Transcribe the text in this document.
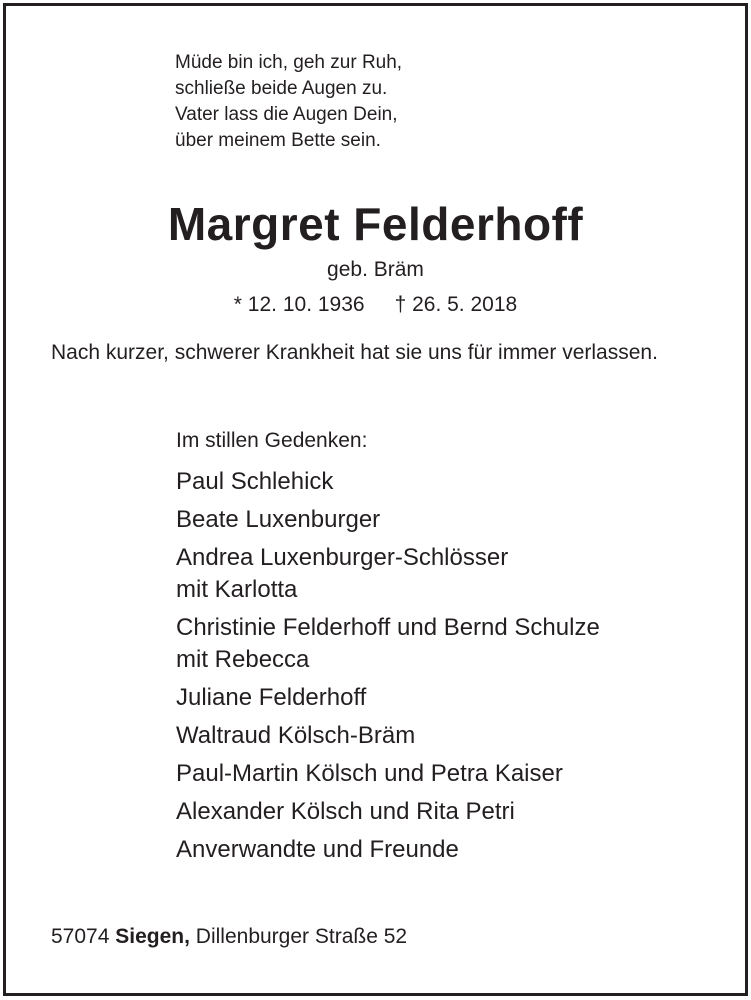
Müde bin ich, geh zur Ruh,
schließe beide Augen zu.
Vater lass die Augen Dein,
über meinem Bette sein.
Margret Felderhoff
geb. Bräm
* 12. 10. 1936 † 26. 5. 2018
Nach kurzer, schwerer Krankheit hat sie uns für immer verlassen.
Im stillen Gedenken:
Paul Schlehick
Beate Luxenburger
Andrea Luxenburger-Schlösser
mit Karlotta
Christinie Felderhoff und Bernd Schulze
mit Rebecca
Juliane Felderhoff
Waltraud Kölsch-Bräm
Paul-Martin Kölsch und Petra Kaiser
Alexander Kölsch und Rita Petri
Anverwandte und Freunde
57074 Siegen, Dillenburger Straße 52
